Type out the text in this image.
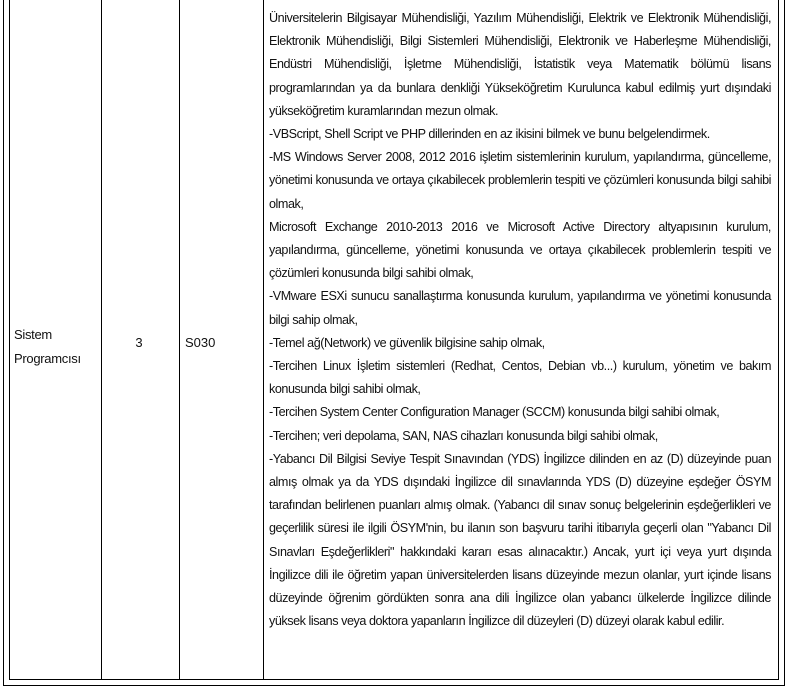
Sistem
Programcısı
3	S030

Üniversitelerin Bilgisayar Mühendisliği, Yazılım Mühendisliği, Elektrik ve Elektronik Mühendisliği, Elektronik Mühendisliği, Bilgi Sistemleri Mühendisliği, Elektronik ve Haberleşme Mühendisliği, Endüstri Mühendisliği, İşletme Mühendisliği, İstatistik veya Matematik bölümü lisans programlarından ya da bunlara denkliği Yükseköğretim Kurulunca kabul edilmiş yurt dışındaki yükseköğretim kuramlarından mezun olmak.

-VBScript, Shell Script ve PHP dillerinden en az ikisini bilmek ve bunu belgelendirmek.

-MS Windows Server 2008, 2012 2016 işletim sistemlerinin kurulum, yapılandırma, güncelleme, yönetimi konusunda ve ortaya çıkabilecek problemlerin tespiti ve çözümleri konusunda bilgi sahibi olmak,

Microsoft Exchange 2010-2013 2016 ve Microsoft Active Directory altyapısının kurulum, yapılandırma, güncelleme, yönetimi konusunda ve ortaya çıkabilecek problemlerin tespiti ve çözümleri konusunda bilgi sahibi olmak,

-VMware ESXi sunucu sanallaştırma konusunda kurulum, yapılandırma ve yönetimi konusunda bilgi sahip olmak,

-Temel ağ(Network) ve güvenlik bilgisine sahip olmak,

-Tercihen Linux İşletim sistemleri (Redhat, Centos, Debian vb...) kurulum, yönetim ve bakım konusunda bilgi sahibi olmak,

-Tercihen System Center Configuration Manager (SCCM) konusunda bilgi sahibi olmak,

-Tercihen; veri depolama, SAN, NAS cihazları konusunda bilgi sahibi olmak,

-Yabancı Dil Bilgisi Seviye Tespit Sınavından (YDS) İngilizce dilinden en az (D) düzeyinde puan almış olmak ya da YDS dışındaki İngilizce dil sınavlarında YDS (D) düzeyine eşdeğer ÖSYM tarafından belirlenen puanları almış olmak. (Yabancı dil sınav sonuç belgelerinin eşdeğerlikleri ve geçerlilik süresi ile ilgili ÖSYM'nin, bu ilanın son başvuru tarihi itibarıyla geçerli olan "Yabancı Dil Sınavları Eşdeğerlikleri" hakkındaki kararı esas alınacaktır.) Ancak, yurt içi veya yurt dışında İngilizce dili ile öğretim yapan üniversitelerden lisans düzeyinde mezun olanlar, yurt içinde lisans düzeyinde öğrenim gördükten sonra ana dili İngilizce olan yabancı ülkelerde İngilizce dilinde yüksek lisans veya doktora yapanların İngilizce dil düzeyleri (D) düzeyi olarak kabul edilir.
